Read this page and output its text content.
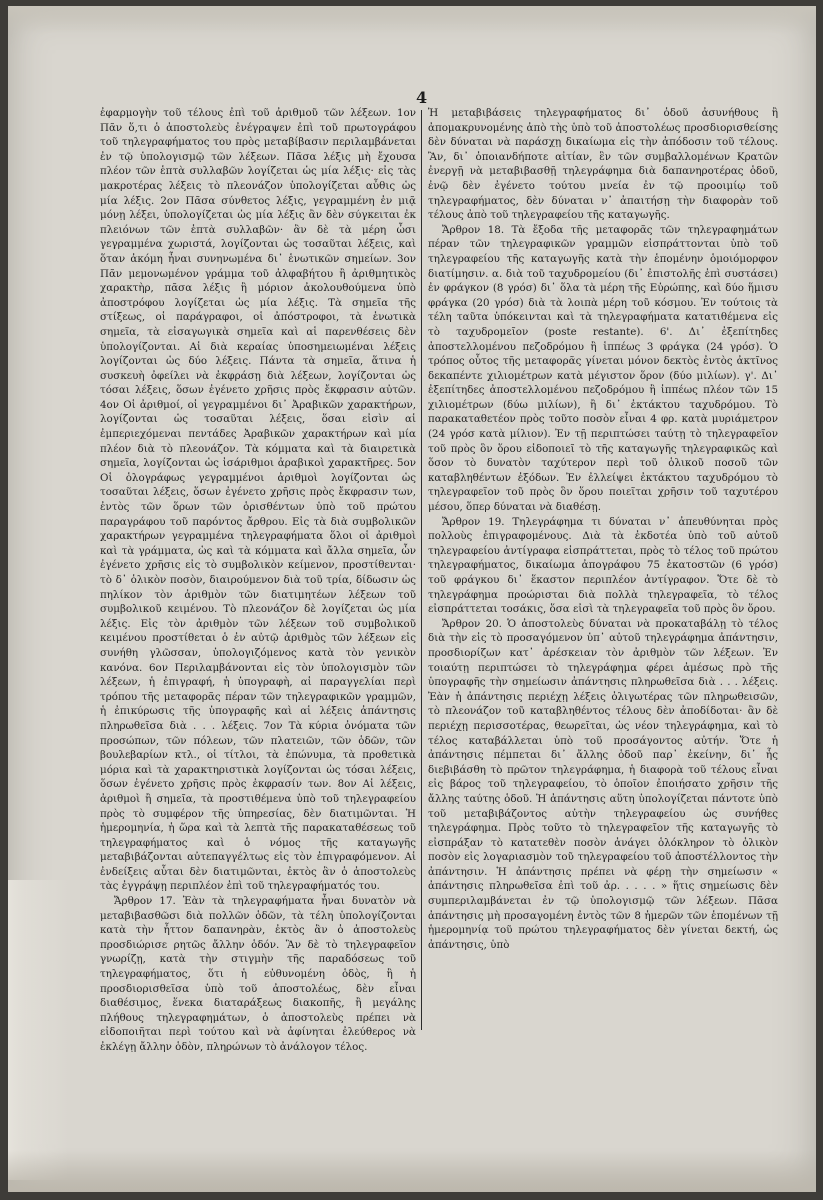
4

ἐφαρμογὴν τοῦ τέλους ἐπὶ τοῦ ἀριθμοῦ τῶν λέξεων. 1ον Πᾶν ὅ,τι ὁ ἀποστολεὺς ἐνέγραψεν ἐπὶ τοῦ πρωτογράφου τοῦ τηλεγραφήματος του πρὸς μεταβίβασιν περιλαμβάνεται ἐν τῷ ὑπολογισμῷ τῶν λέξεων. Πᾶσα λέξις μὴ ἔχουσα πλέον τῶν ἑπτὰ συλλαβῶν λογίζεται ὡς μία λέξις· εἰς τὰς μακροτέρας λέξεις τὸ πλεονάζον ὑπολογίζεται αὖθις ὡς μία λέξις. 2ον Πᾶσα σύνθετος λέξις, γεγραμμένη ἐν μιᾷ μόνῃ λέξει, ὑπολογίζεται ὡς μία λέξις ἂν δὲν σύγκειται ἐκ πλειόνων τῶν ἑπτὰ συλλαβῶν· ἂν δὲ τὰ μέρη ὦσι γεγραμμένα χωριστά, λογίζονται ὡς τοσαῦται λέξεις, καὶ ὅταν ἀκόμη ἦναι συνηνωμένα δι᾽ ἑνωτικῶν σημείων. 3ον Πᾶν μεμονωμένον γράμμα τοῦ ἀλφαβήτου ἢ ἀριθμητικὸς χαρακτὴρ, πᾶσα λέξις ἢ μόριον ἀκολουθούμενα ὑπὸ ἀποστρόφου λογίζεται ὡς μία λέξις. Τὰ σημεῖα τῆς στίξεως, οἱ παράγραφοι, οἱ ἀπόστροφοι, τὰ ἑνωτικὰ σημεῖα, τὰ εἰσαγωγικὰ σημεῖα καὶ αἱ παρενθέσεις δὲν ὑπολογίζονται. Αἱ διὰ κεραίας ὑποσημειωμέναι λέξεις λογίζονται ὡς δύο λέξεις. Πάντα τὰ σημεῖα, ἅτινα ἡ συσκευὴ ὀφείλει νὰ ἐκφράσῃ διὰ λέξεων, λογίζονται ὡς τόσαι λέξεις, ὅσων ἐγένετο χρῆσις πρὸς ἔκφρασιν αὐτῶν. 4ον Οἱ ἀριθμοί, οἱ γεγραμμένοι δι᾽ Ἀραβικῶν χαρακτήρων, λογίζονται ὡς τοσαῦται λέξεις, ὅσαι εἰσὶν αἱ ἐμπεριεχόμεναι πεντάδες Ἀραβικῶν χαρακτήρων καὶ μία πλέον διὰ τὸ πλεονάζον. Τὰ κόμματα καὶ τὰ διαιρετικὰ σημεῖα, λογίζονται ὡς ἰσάριθμοι ἀραβικοὶ χαρακτῆρες. 5ον Οἱ ὁλογράφως γεγραμμένοι ἀριθμοὶ λογίζονται ὡς τοσαῦται λέξεις, ὅσων ἐγένετο χρῆσις πρὸς ἔκφρασιν των, ἐντὸς τῶν ὅρων τῶν ὁρισθέντων ὑπὸ τοῦ πρώτου παραγράφου τοῦ παρόντος ἄρθρου. Εἰς τὰ διὰ συμβολικῶν χαρακτήρων γεγραμμένα τηλεγραφήματα ὅλοι οἱ ἀριθμοὶ καὶ τὰ γράμματα, ὡς καὶ τὰ κόμματα καὶ ἄλλα σημεῖα, ὧν ἐγένετο χρῆσις εἰς τὸ συμβολικὸν κείμενον, προστίθενται· τὸ δ᾽ ὁλικὸν ποσὸν, διαιρούμενον διὰ τοῦ τρία, δίδωσιν ὡς πηλίκον τὸν ἀριθμὸν τῶν διατιμητέων λέξεων τοῦ συμβολικοῦ κειμένου. Τὸ πλεονάζον δὲ λογίζεται ὡς μία λέξις. Εἰς τὸν ἀριθμὸν τῶν λέξεων τοῦ συμβολικοῦ κειμένου προστίθεται ὁ ἐν αὐτῷ ἀριθμὸς τῶν λέξεων εἰς συνήθη γλῶσσαν, ὑπολογιζόμενος κατὰ τὸν γενικὸν κανόνα. 6ον Περιλαμβάνονται εἰς τὸν ὑπολογισμὸν τῶν λέξεων, ἡ ἐπιγραφή, ἡ ὑπογραφὴ, αἱ παραγγελίαι περὶ τρόπου τῆς μεταφορᾶς πέραν τῶν τηλεγραφικῶν γραμμῶν, ἡ ἐπικύρωσις τῆς ὑπογραφῆς καὶ αἱ λέξεις ἀπάντησις πληρωθεῖσα διὰ . . . λέξεις. 7ον Τὰ κύρια ὀνόματα τῶν προσώπων, τῶν πόλεων, τῶν πλατειῶν, τῶν ὁδῶν, τῶν βουλεβαρίων κτλ., οἱ τίτλοι, τὰ ἐπώνυμα, τὰ προθετικὰ μόρια καὶ τὰ χαρακτηριστικὰ λογίζονται ὡς τόσαι λέξεις, ὅσων ἐγένετο χρῆσις πρὸς ἐκφρασίν των. 8ον Αἱ λέξεις, ἀριθμοὶ ἢ σημεῖα, τὰ προστιθέμενα ὑπὸ τοῦ τηλεγραφείου πρὸς τὸ συμφέρον τῆς ὑπηρεσίας, δὲν διατιμῶνται. Ἡ ἡμερομηνία, ἡ ὥρα καὶ τὰ λεπτὰ τῆς παρακαταθέσεως τοῦ τηλεγραφήματος καὶ ὁ νόμος τῆς καταγωγῆς μεταβιβάζονται αὐτεπαγγέλτως εἰς τὸν ἐπιγραφόμενον. Αἱ ἐνδείξεις αὗται δὲν διατιμῶνται, ἐκτὸς ἂν ὁ ἀποστολεὺς τὰς ἐγγράψῃ περιπλέον ἐπὶ τοῦ τηλεγραφήματός του.

Ἄρθρον 17. Ἐὰν τὰ τηλεγραφήματα ἦναι δυνατὸν νὰ μεταβιβασθῶσι διὰ πολλῶν ὁδῶν, τὰ τέλη ὑπολογίζονται κατὰ τὴν ἦττον δαπανηρὰν, ἐκτὸς ἂν ὁ ἀποστολεὺς προσδιώρισε ρητῶς ἄλλην ὁδόν. Ἂν δὲ τὸ τηλεγραφεῖον γνωρίζῃ, κατὰ τὴν στιγμὴν τῆς παραδόσεως τοῦ τηλεγραφήματος, ὅτι ἡ εὐθυνομένη ὁδὸς, ἢ ἡ προσδιορισθεῖσα ὑπὸ τοῦ ἀποστολέως, δὲν εἶναι διαθέσιμος, ἕνεκα διαταράξεως διακοπῆς, ἢ μεγάλης πλήθους τηλεγραφημάτων, ὁ ἀποστολεὺς πρέπει νὰ εἰδοποιῆται περὶ τούτου καὶ νὰ ἀφίνηται ἐλεύθερος νὰ ἐκλέγῃ ἄλλην ὁδὸν, πληρώνων τὸ ἀνάλογον τέλος.

Ἡ μεταβιβάσεις τηλεγραφήματος δι᾽ ὁδοῦ ἀσυνήθους ἢ ἀπομακρυνομένης ἀπὸ τὴς ὑπὸ τοῦ ἀποστολέως προσδιορισθείσης δὲν δύναται νὰ παράσχῃ δικαίωμα εἰς τὴν ἀπόδοσιν τοῦ τέλους. Ἂν, δι᾽ ὁποιανδήποτε αἰτίαν, ἓν τῶν συμβαλλομένων Κρατῶν ἐνεργῇ νὰ μεταβιβασθῇ τηλεγράφημα διὰ δαπανηροτέρας ὁδοῦ, ἐνῷ δὲν ἐγένετο τούτου μνεία ἐν τῷ προοιμίῳ τοῦ τηλεγραφήματος, δὲν δύναται ν᾽ ἀπαιτήσῃ τὴν διαφορὰν τοῦ τέλους ἀπὸ τοῦ τηλεγραφείου τῆς καταγωγῆς.

Ἄρθρον 18. Τὰ ἔξοδα τῆς μεταφορᾶς τῶν τηλεγραφημάτων πέραν τῶν τηλεγραφικῶν γραμμῶν εἰσπράττονται ὑπὸ τοῦ τηλεγραφείου τῆς καταγωγῆς κατὰ τὴν ἑπομένην ὁμοιόμορφον διατίμησιν. α. διὰ τοῦ ταχυδρομείου (δι᾽ ἐπιστολῆς ἐπὶ συστάσει) ἐν φράγκον (8 γρόσ) δι᾽ ὅλα τὰ μέρη τῆς Εὐρώπης, καὶ δύο ἥμισυ φράγκα (20 γρόσ) διὰ τὰ λοιπὰ μέρη τοῦ κόσμου. Ἐν τούτοις τὰ τέλη ταῦτα ὑπόκεινται καὶ τὰ τηλεγραφήματα κατατιθέμενα εἰς τὸ ταχυδρομεῖον (poste restante). 6'. Δι᾽ ἐξεπίτηδες ἀποστελλομένου πεζοδρόμου ἢ ἱππέως 3 φράγκα (24 γρόσ). Ὁ τρόπος οὗτος τῆς μεταφορᾶς γίνεται μόνον δεκτὸς ἐντὸς ἀκτῖνος δεκαπέντε χιλιομέτρων κατὰ μέγιστον ὅρον (δύο μιλίων). γ'. Δι᾽ ἐξεπίτηδες ἀποστελλομένου πεζοδρόμου ἢ ἱππέως πλέον τῶν 15 χιλιομέτρων (δύω μιλίων), ἢ δι᾽ ἐκτάκτου ταχυδρόμου. Τὸ παρακαταθετέον πρὸς τοῦτο ποσὸν εἶναι 4 φρ. κατὰ μυριάμετρον (24 γρόσ κατὰ μίλιον). Ἐν τῇ περιπτώσει ταύτῃ τὸ τηλεγραφεῖον τοῦ πρὸς ὃν ὅρου εἰδοποιεῖ τὸ τῆς καταγωγῆς τηλεγραφικῶς καὶ ὅσον τὸ δυνατὸν ταχύτερον περὶ τοῦ ὁλικοῦ ποσοῦ τῶν καταβληθέντων ἐξόδων. Ἐν ἐλλείψει ἐκτάκτου ταχυδρόμου τὸ τηλεγραφεῖον τοῦ πρὸς ὃν ὅρου ποιεῖται χρῆσιν τοῦ ταχυτέρου μέσου, ὅπερ δύναται νὰ διαθέσῃ.

Ἄρθρον 19. Τηλεγράφημα τι δύναται ν᾽ ἀπευθύνηται πρὸς πολλοὺς ἐπιγραφομένους. Διὰ τὰ ἐκδοτέα ὑπὸ τοῦ αὐτοῦ τηλεγραφείου ἀντίγραφα εἰσπράττεται, πρὸς τὸ τέλος τοῦ πρώτου τηλεγραφήματος, δικαίωμα ἀπογράφου 75 ἑκατοστῶν (6 γρόσ) τοῦ φράγκου δι᾽ ἕκαστον περιπλέον ἀντίγραφον. Ὅτε δὲ τὸ τηλεγράφημα προώρισται διὰ πολλὰ τηλεγραφεῖα, τὸ τέλος εἰσπράττεται τοσάκις, ὅσα εἰσὶ τὰ τηλεγραφεῖα τοῦ πρὸς ὃν ὅρου.

Ἄρθρον 20. Ὁ ἀποστολεὺς δύναται νὰ προκαταβάλῃ τὸ τέλος διὰ τὴν εἰς τὸ προσαγόμενον ὑπ᾽ αὐτοῦ τηλεγράφημα ἀπάντησιν, προσδιορίζων κατ᾽ ἀρέσκειαν τὸν ἀριθμὸν τῶν λέξεων. Ἐν τοιαύτῃ περιπτώσει τὸ τηλεγράφημα φέρει ἀμέσως πρὸ τῆς ὑπογραφῆς τὴν σημείωσιν ἀπάντησις πληρωθεῖσα διὰ . . . λέξεις. Ἐὰν ἡ ἀπάντησις περιέχῃ λέξεις ὀλιγωτέρας τῶν πληρωθεισῶν, τὸ πλεονάζον τοῦ καταβληθέντος τέλους δὲν ἀποδίδοται· ἂν δὲ περιέχῃ περισσοτέρας, θεωρεῖται, ὡς νέον τηλεγράφημα, καὶ τὸ τέλος καταβάλλεται ὑπὸ τοῦ προσάγοντος αὐτήν. Ὅτε ἡ ἀπάντησις πέμπεται δι᾽ ἄλλης ὁδοῦ παρ᾽ ἐκείνην, δι᾽ ἧς διεβιβάσθη τὸ πρῶτον τηλεγράφημα, ἡ διαφορὰ τοῦ τέλους εἶναι εἰς βάρος τοῦ τηλεγραφείου, τὸ ὁποῖον ἐποιήσατο χρῆσιν τῆς ἄλλης ταύτης ὁδοῦ. Ἡ ἀπάντησις αὕτη ὑπολογίζεται πάντοτε ὑπὸ τοῦ μεταβιβάζοντος αὐτὴν τηλεγραφείου ὡς συνήθες τηλεγράφημα. Πρὸς τοῦτο τὸ τηλεγραφεῖον τῆς καταγωγῆς τὸ εἰσπράξαν τὸ κατατεθὲν ποσὸν ἀνάγει ὁλόκληρον τὸ ὁλικὸν ποσὸν εἰς λογαριασμὸν τοῦ τηλεγραφείου τοῦ ἀποστέλλοντος τὴν ἀπάντησιν. Ἡ ἀπάντησις πρέπει νὰ φέρῃ τὴν σημείωσιν « ἀπάντησις πληρωθεῖσα ἐπὶ τοῦ ἀρ. . . . . » ἥτις σημείωσις δὲν συμπεριλαμβάνεται ἐν τῷ ὑπολογισμῷ τῶν λέξεων. Πᾶσα ἀπάντησις μὴ προσαγομένη ἐντὸς τῶν 8 ἡμερῶν τῶν ἑπομένων τῇ ἡμερομηνίᾳ τοῦ πρώτου τηλεγραφήματος δὲν γίνεται δεκτή, ὡς ἀπάντησις, ὑπὸ
